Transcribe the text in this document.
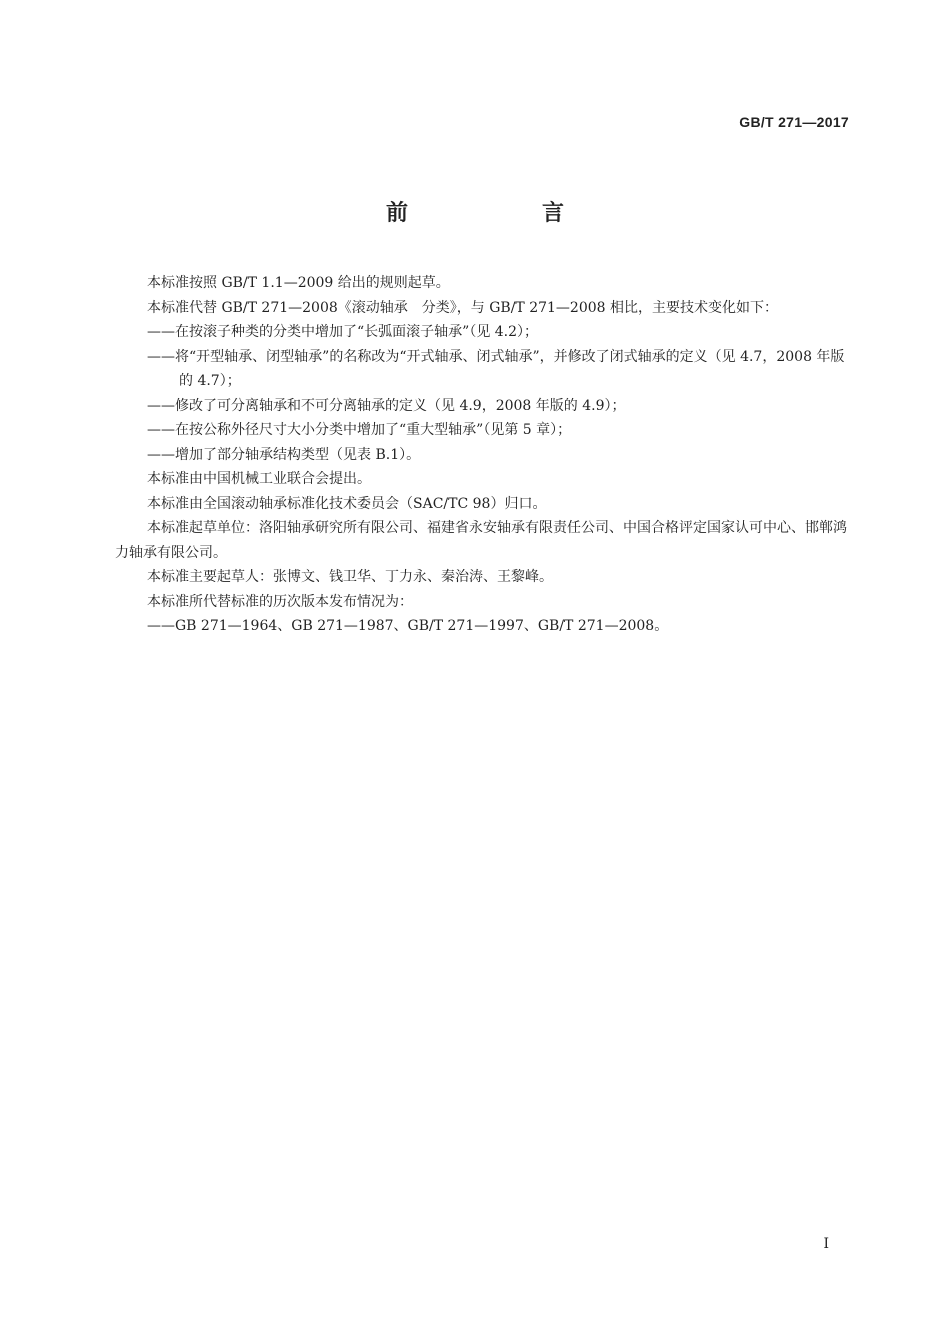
GB/T 271—2017
前　言

本标准按照 GB/T 1.1—2009 给出的规则起草。

本标准代替 GB/T 271—2008《滚动轴承　分类》，与 GB/T 271—2008 相比，主要技术变化如下：

——在按滚子种类的分类中增加了“长弧面滚子轴承”（见 4.2）；

——将“开型轴承、闭型轴承”的名称改为“开式轴承、闭式轴承”，并修改了闭式轴承的定义（见 4.7，2008 年版的 4.7）；

——修改了可分离轴承和不可分离轴承的定义（见 4.9，2008 年版的 4.9）；

——在按公称外径尺寸大小分类中增加了“重大型轴承”（见第 5 章）；

——增加了部分轴承结构类型（见表 B.1）。

本标准由中国机械工业联合会提出。

本标准由全国滚动轴承标准化技术委员会（SAC/TC 98）归口。

本标准起草单位：洛阳轴承研究所有限公司、福建省永安轴承有限责任公司、中国合格评定国家认可中心、邯郸鸿力轴承有限公司。

本标准主要起草人：张博文、钱卫华、丁力永、秦治涛、王黎峰。

本标准所代替标准的历次版本发布情况为：

——GB 271—1964、GB 271—1987、GB/T 271—1997、GB/T 271—2008。

I
